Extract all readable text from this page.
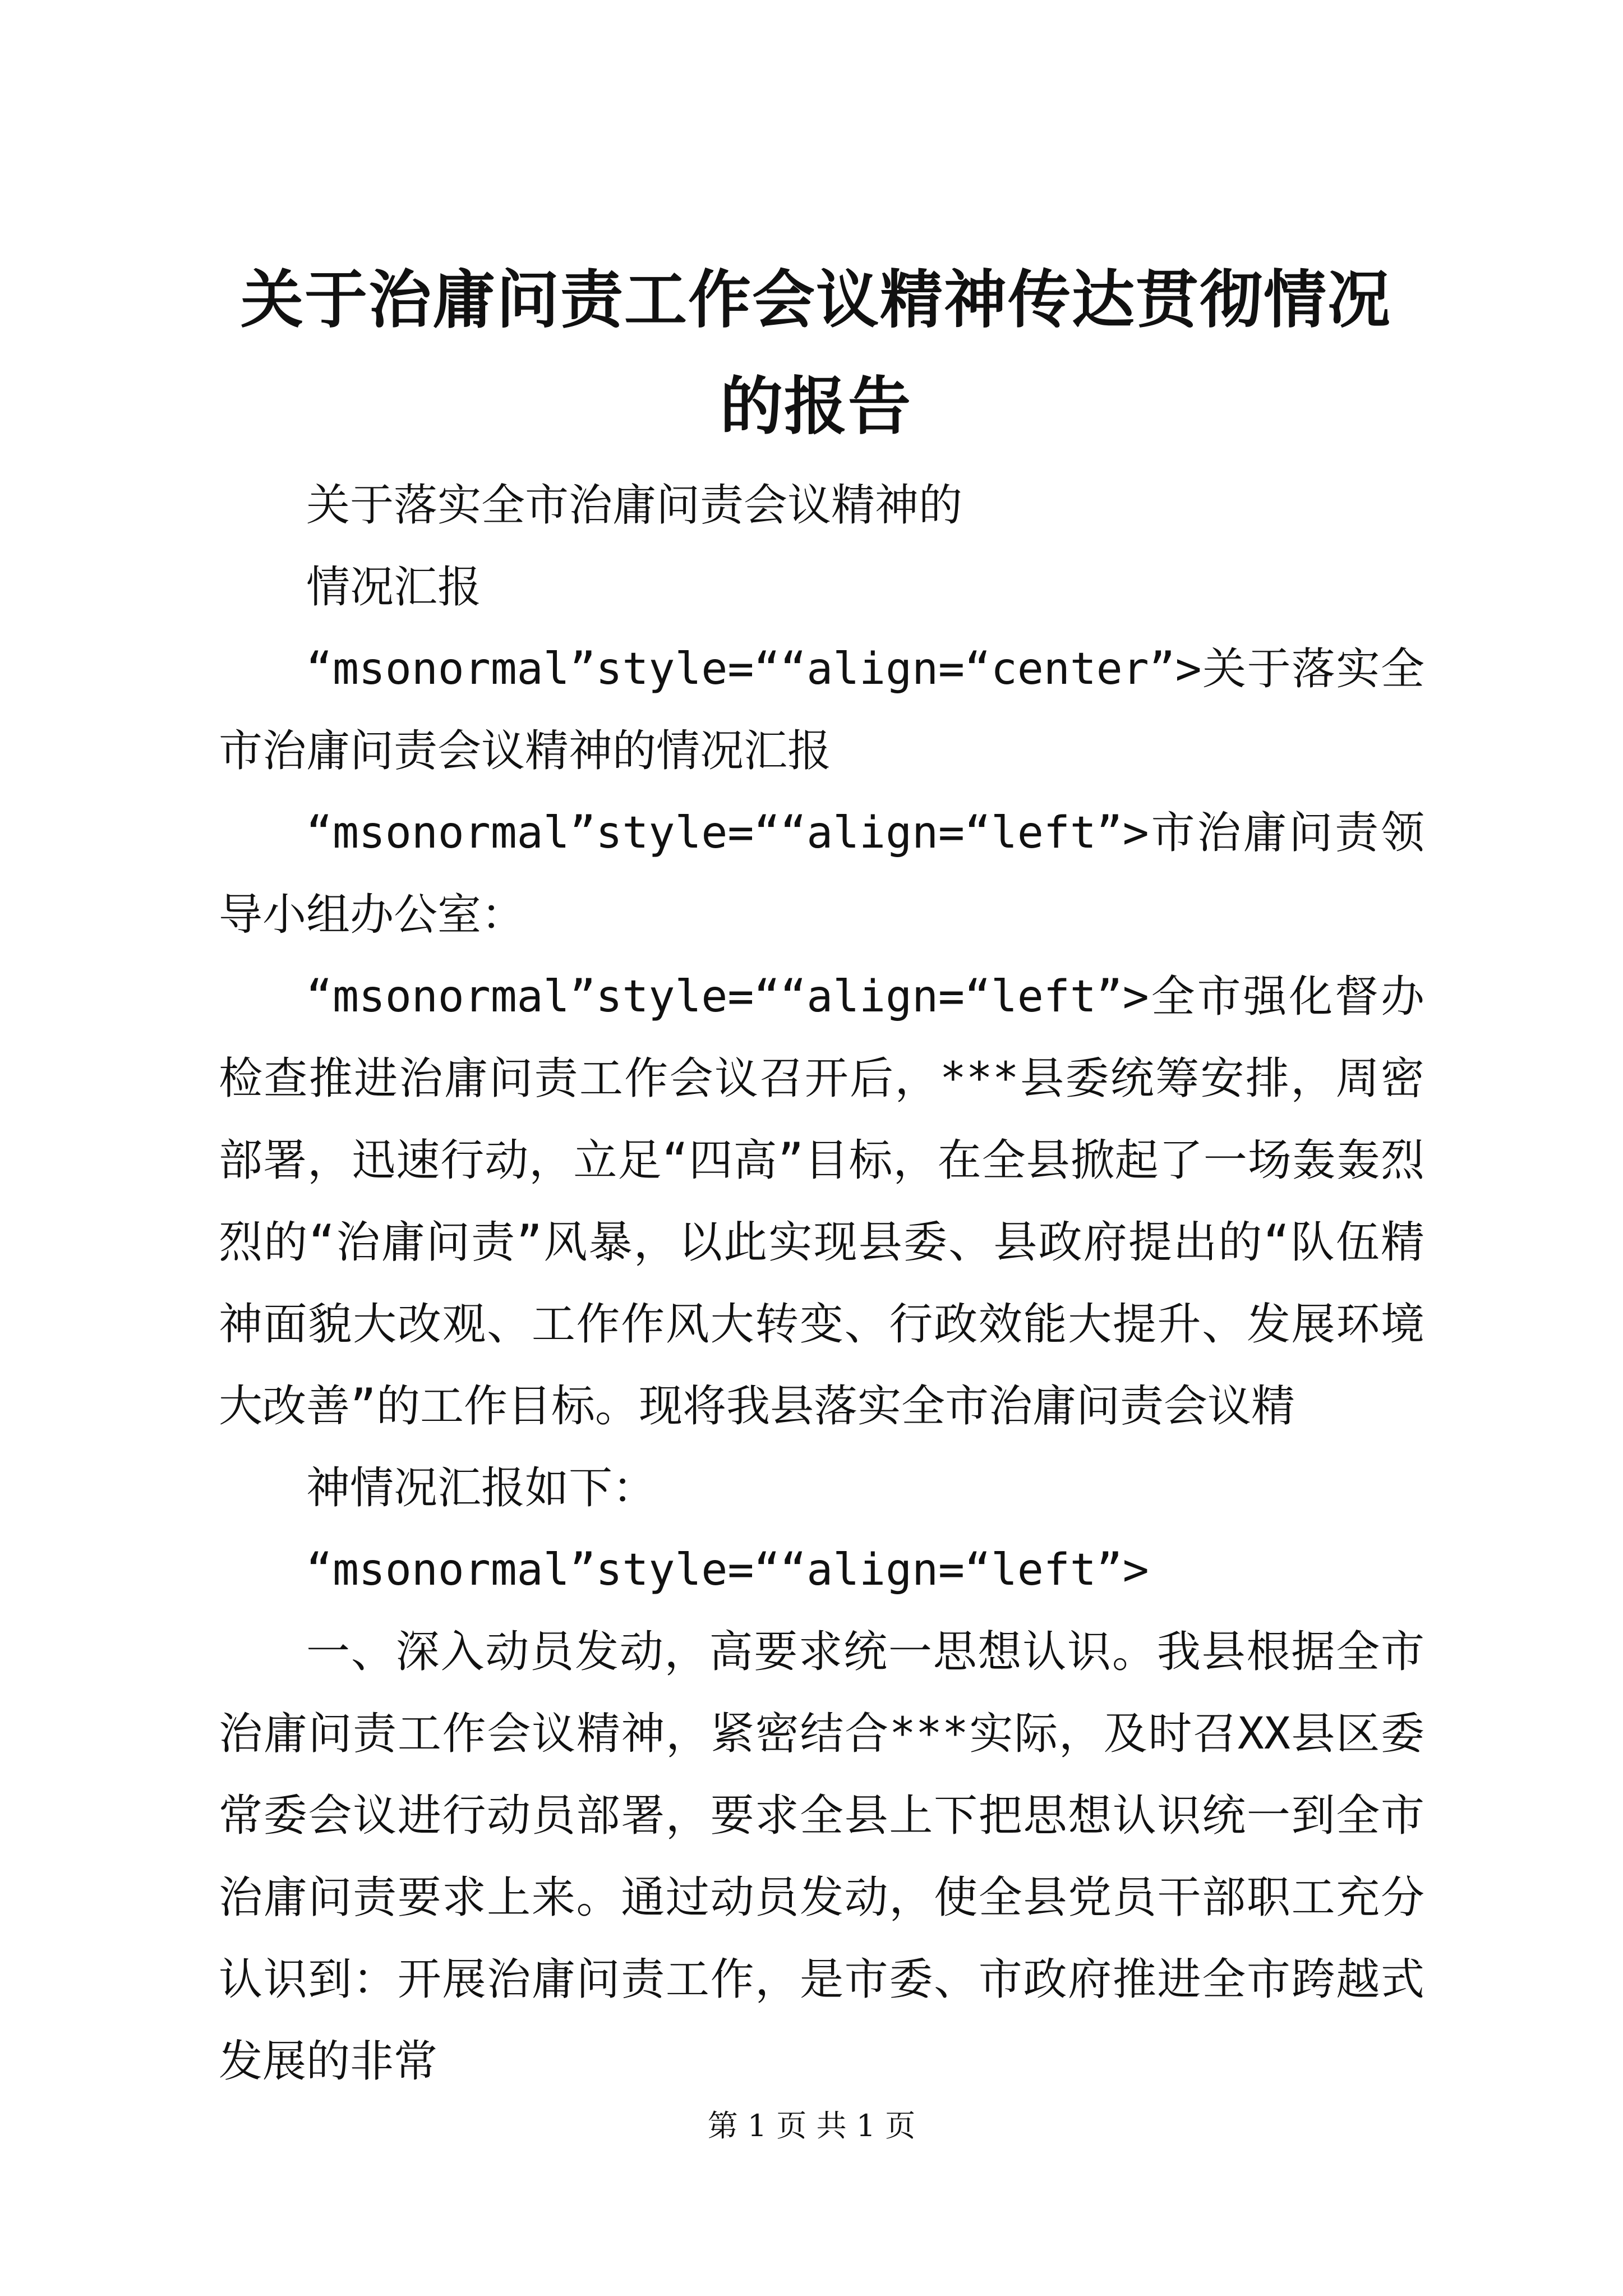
关于治庸问责工作会议精神传达贯彻情况的报告

关于落实全市治庸问责会议精神的

情况汇报

“msonormal”style=““align=“center”>关于落实全市治庸问责会议精神的情况汇报

“msonormal”style=““align=“left”>市治庸问责领导小组办公室：

“msonormal”style=““align=“left”>全市强化督办检查推进治庸问责工作会议召开后，***县委统筹安排，周密部署，迅速行动，立足“四高”目标，在全县掀起了一场轰轰烈烈的“治庸问责”风暴，以此实现县委、县政府提出的“队伍精神面貌大改观、工作作风大转变、行政效能大提升、发展环境大改善”的工作目标。现将我县落实全市治庸问责会议精

神情况汇报如下：

“msonormal”style=““align=“left”>

一、深入动员发动，高要求统一思想认识。我县根据全市治庸问责工作会议精神，紧密结合***实际，及时召XX县区委常委会议进行动员部署，要求全县上下把思想认识统一到全市治庸问责要求上来。通过动员发动，使全县党员干部职工充分认识到：开展治庸问责工作，是市委、市政府推进全市跨越式发展的非常

第 1 页 共 1 页
